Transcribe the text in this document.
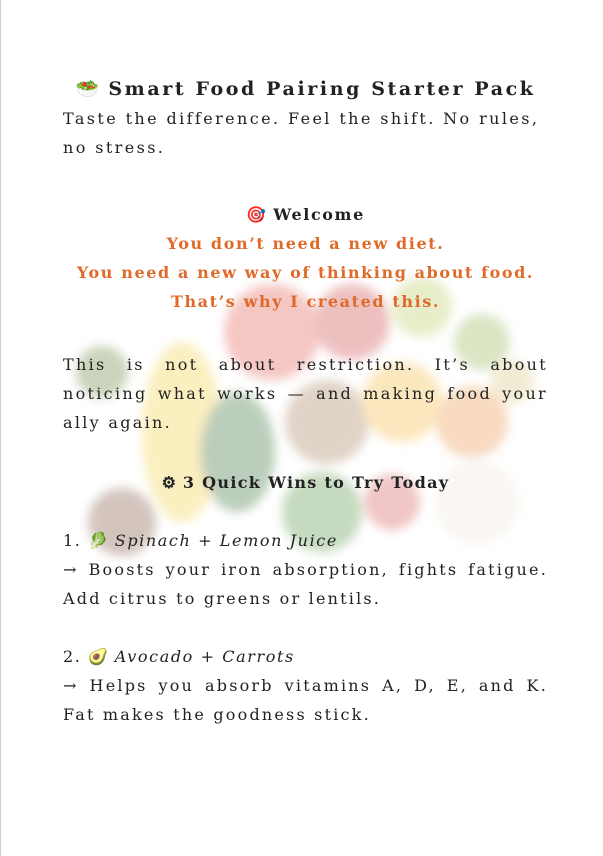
🥗 Smart Food Pairing Starter Pack

Taste the difference. Feel the shift. No rules, no stress.

🎯 Welcome

You don’t need a new diet.

You need a new way of thinking about food.

That’s why I created this.

This is not about restriction. It’s about noticing what works — and making food your ally again.

⚙ 3 Quick Wins to Try Today

1. 🥬 Spinach + Lemon Juice

→ Boosts your iron absorption, fights fatigue. Add citrus to greens or lentils.

2. 🥑 Avocado + Carrots

→ Helps you absorb vitamins A, D, E, and K. Fat makes the goodness stick.
